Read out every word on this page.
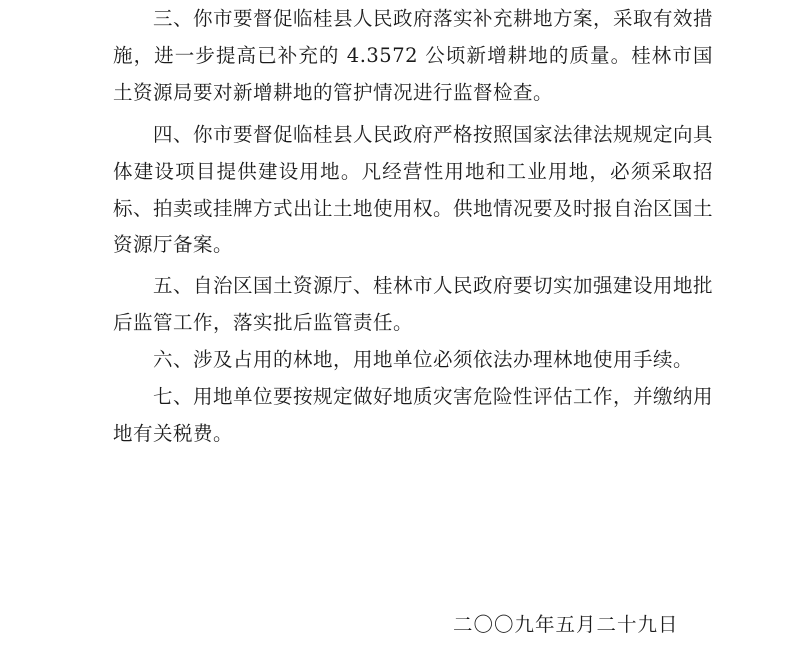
三、你市要督促临桂县人民政府落实补充耕地方案，采取有效措施，进一步提高已补充的 4.3572 公顷新增耕地的质量。桂林市国土资源局要对新增耕地的管护情况进行监督检查。

四、你市要督促临桂县人民政府严格按照国家法律法规规定向具体建设项目提供建设用地。凡经营性用地和工业用地，必须采取招标、拍卖或挂牌方式出让土地使用权。供地情况要及时报自治区国土资源厅备案。

五、自治区国土资源厅、桂林市人民政府要切实加强建设用地批后监管工作，落实批后监管责任。

六、涉及占用的林地，用地单位必须依法办理林地使用手续。

七、用地单位要按规定做好地质灾害危险性评估工作，并缴纳用地有关税费。

二〇〇九年五月二十九日
